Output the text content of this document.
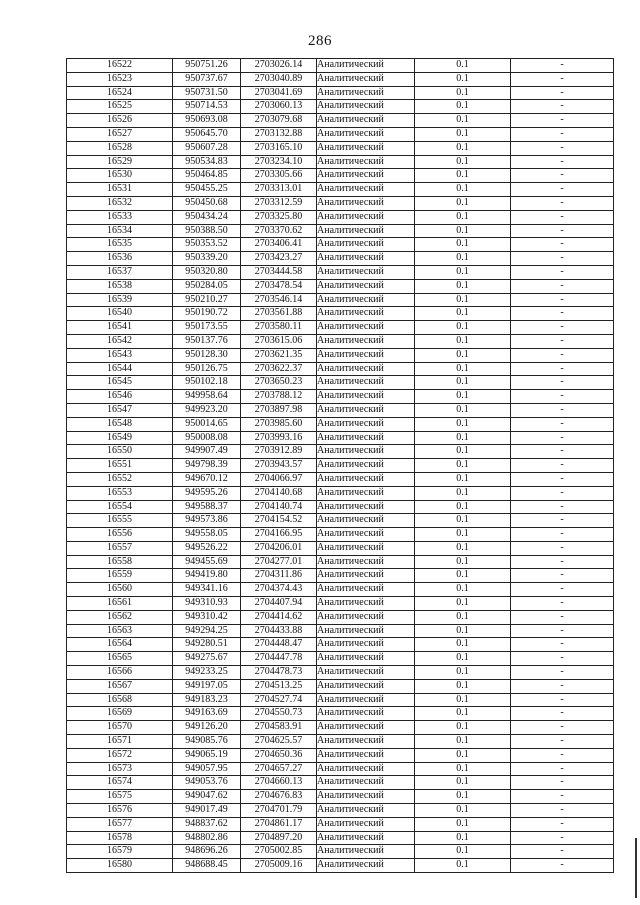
286
16522	950751.26	2703026.14	Аналитический	0.1	-
16523	950737.67	2703040.89	Аналитический	0.1	-
16524	950731.50	2703041.69	Аналитический	0.1	-
16525	950714.53	2703060.13	Аналитический	0.1	-
16526	950693.08	2703079.68	Аналитический	0.1	-
16527	950645.70	2703132.88	Аналитический	0.1	-
16528	950607.28	2703165.10	Аналитический	0.1	-
16529	950534.83	2703234.10	Аналитический	0.1	-
16530	950464.85	2703305.66	Аналитический	0.1	-
16531	950455.25	2703313.01	Аналитический	0.1	-
16532	950450.68	2703312.59	Аналитический	0.1	-
16533	950434.24	2703325.80	Аналитический	0.1	-
16534	950388.50	2703370.62	Аналитический	0.1	-
16535	950353.52	2703406.41	Аналитический	0.1	-
16536	950339.20	2703423.27	Аналитический	0.1	-
16537	950320.80	2703444.58	Аналитический	0.1	-
16538	950284.05	2703478.54	Аналитический	0.1	-
16539	950210.27	2703546.14	Аналитический	0.1	-
16540	950190.72	2703561.88	Аналитический	0.1	-
16541	950173.55	2703580.11	Аналитический	0.1	-
16542	950137.76	2703615.06	Аналитический	0.1	-
16543	950128.30	2703621.35	Аналитический	0.1	-
16544	950126.75	2703622.37	Аналитический	0.1	-
16545	950102.18	2703650.23	Аналитический	0.1	-
16546	949958.64	2703788.12	Аналитический	0.1	-
16547	949923.20	2703897.98	Аналитический	0.1	-
16548	950014.65	2703985.60	Аналитический	0.1	-
16549	950008.08	2703993.16	Аналитический	0.1	-
16550	949907.49	2703912.89	Аналитический	0.1	-
16551	949798.39	2703943.57	Аналитический	0.1	-
16552	949670.12	2704066.97	Аналитический	0.1	-
16553	949595.26	2704140.68	Аналитический	0.1	-
16554	949588.37	2704140.74	Аналитический	0.1	-
16555	949573.86	2704154.52	Аналитический	0.1	-
16556	949558.05	2704166.95	Аналитический	0.1	-
16557	949526.22	2704206.01	Аналитический	0.1	-
16558	949455.69	2704277.01	Аналитический	0.1	-
16559	949419.80	2704311.86	Аналитический	0.1	-
16560	949341.16	2704374.43	Аналитический	0.1	-
16561	949310.93	2704407.94	Аналитический	0.1	-
16562	949310.42	2704414.62	Аналитический	0.1	-
16563	949294.25	2704433.88	Аналитический	0.1	-
16564	949280.51	2704448.47	Аналитический	0.1	-
16565	949275.67	2704447.78	Аналитический	0.1	-
16566	949233.25	2704478.73	Аналитический	0.1	-
16567	949197.05	2704513.25	Аналитический	0.1	-
16568	949183.23	2704527.74	Аналитический	0.1	-
16569	949163.69	2704550.73	Аналитический	0.1	-
16570	949126.20	2704583.91	Аналитический	0.1	-
16571	949085.76	2704625.57	Аналитический	0.1	-
16572	949065.19	2704650.36	Аналитический	0.1	-
16573	949057.95	2704657.27	Аналитический	0.1	-
16574	949053.76	2704660.13	Аналитический	0.1	-
16575	949047.62	2704676.83	Аналитический	0.1	-
16576	949017.49	2704701.79	Аналитический	0.1	-
16577	948837.62	2704861.17	Аналитический	0.1	-
16578	948802.86	2704897.20	Аналитический	0.1	-
16579	948696.26	2705002.85	Аналитический	0.1	-
16580	948688.45	2705009.16	Аналитический	0.1	-
